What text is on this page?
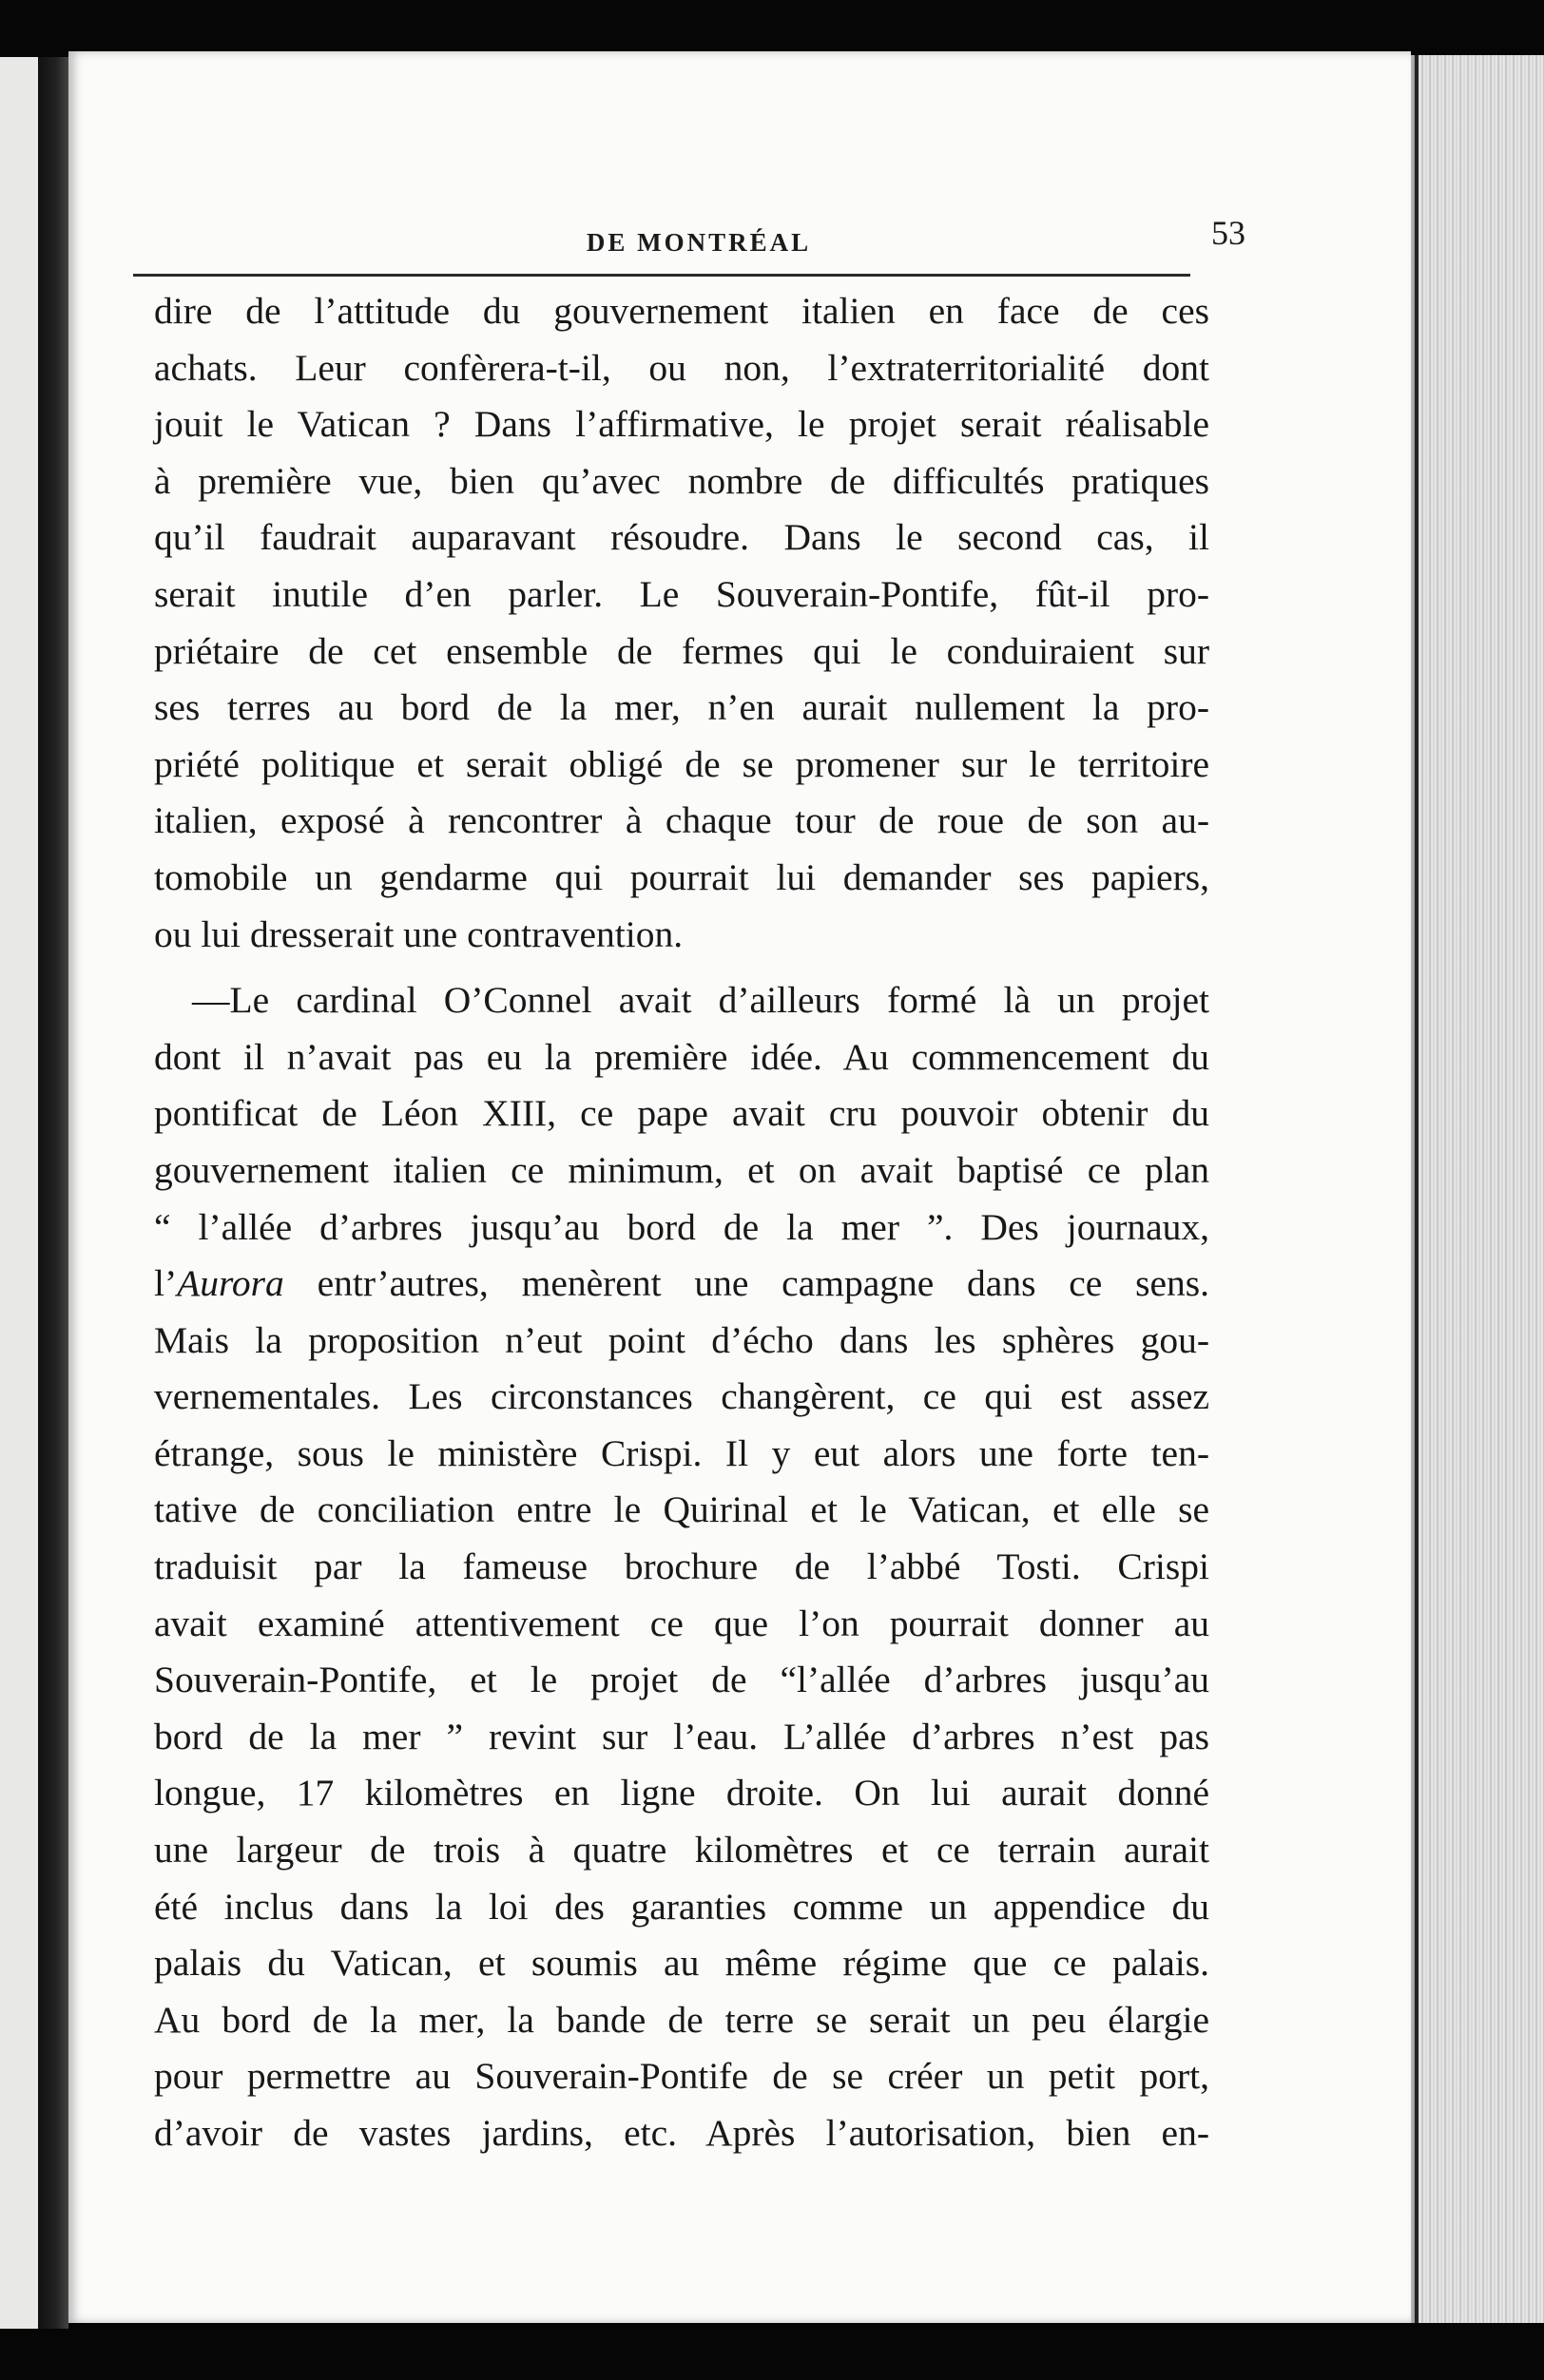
DE MONTRÉAL	53

dire de l’attitude du gouvernement italien en face de ces
achats. Leur confèrera-t-il, ou non, l’extraterritorialité dont
jouit le Vatican ? Dans l’affirmative, le projet serait réalisable
à première vue, bien qu’avec nombre de difficultés pratiques
qu’il faudrait auparavant résoudre. Dans le second cas, il
serait inutile d’en parler. Le Souverain-Pontife, fût-il pro-
priétaire de cet ensemble de fermes qui le conduiraient sur
ses terres au bord de la mer, n’en aurait nullement la pro-
priété politique et serait obligé de se promener sur le territoire
italien, exposé à rencontrer à chaque tour de roue de son au-
tomobile un gendarme qui pourrait lui demander ses papiers,
ou lui dresserait une contravention.

—Le cardinal O’Connel avait d’ailleurs formé là un projet
dont il n’avait pas eu la première idée. Au commencement du
pontificat de Léon XIII, ce pape avait cru pouvoir obtenir du
gouvernement italien ce minimum, et on avait baptisé ce plan
“ l’allée d’arbres jusqu’au bord de la mer ”. Des journaux,
l’Aurora entr’autres, menèrent une campagne dans ce sens.
Mais la proposition n’eut point d’écho dans les sphères gou-
vernementales. Les circonstances changèrent, ce qui est assez
étrange, sous le ministère Crispi. Il y eut alors une forte ten-
tative de conciliation entre le Quirinal et le Vatican, et elle se
traduisit par la fameuse brochure de l’abbé Tosti. Crispi
avait examiné attentivement ce que l’on pourrait donner au
Souverain-Pontife, et le projet de “l’allée d’arbres jusqu’au
bord de la mer ” revint sur l’eau. L’allée d’arbres n’est pas
longue, 17 kilomètres en ligne droite. On lui aurait donné
une largeur de trois à quatre kilomètres et ce terrain aurait
été inclus dans la loi des garanties comme un appendice du
palais du Vatican, et soumis au même régime que ce palais.
Au bord de la mer, la bande de terre se serait un peu élargie
pour permettre au Souverain-Pontife de se créer un petit port,
d’avoir de vastes jardins, etc. Après l’autorisation, bien en-
